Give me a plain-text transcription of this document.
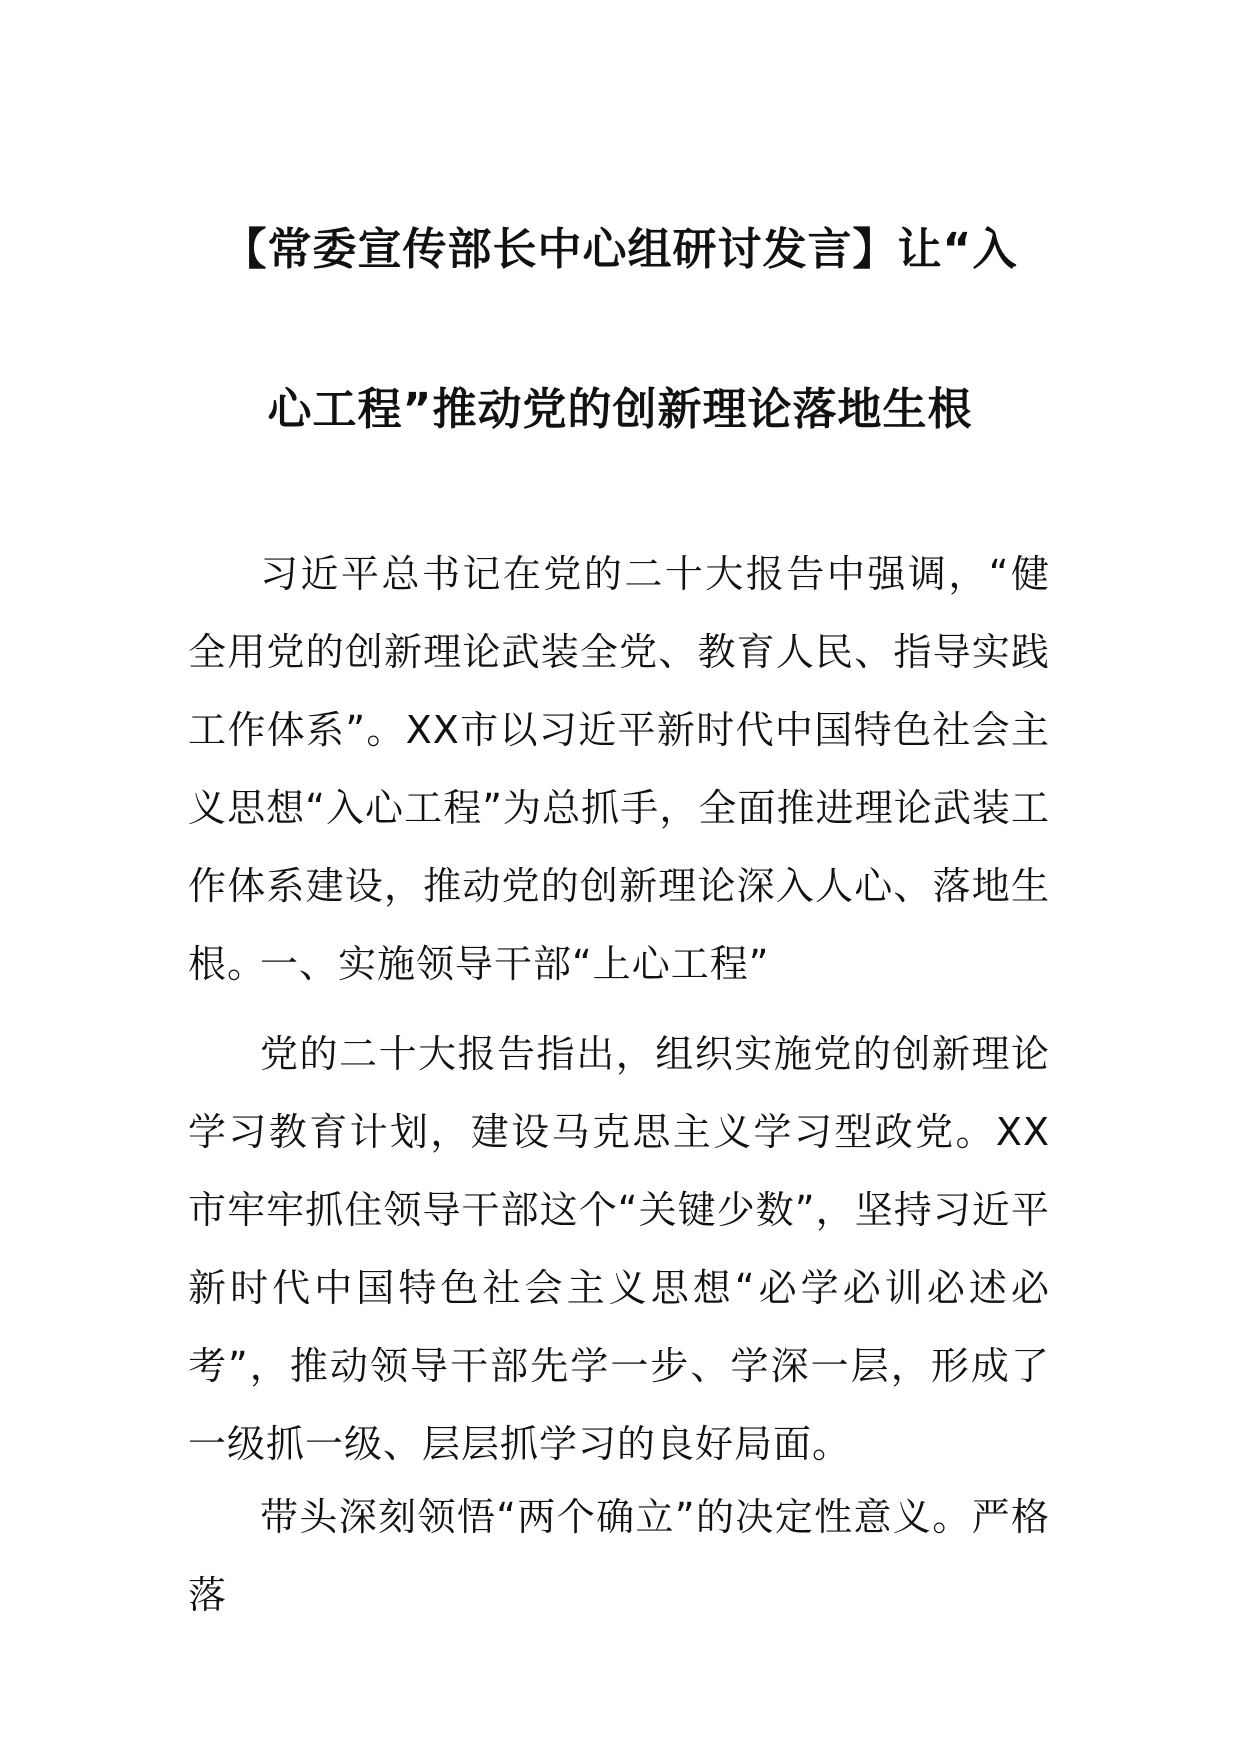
【常委宣传部长中心组研讨发言】让“入
心工程”推动党的创新理论落地生根

习近平总书记在党的二十大报告中强调，“健全用党的创新理论武装全党、教育人民、指导实践工作体系”。XX市以习近平新时代中国特色社会主义思想“入心工程”为总抓手，全面推进理论武装工作体系建设，推动党的创新理论深入人心、落地生根。

一、实施领导干部“上心工程”

党的二十大报告指出，组织实施党的创新理论学习教育计划，建设马克思主义学习型政党。XX市牢牢抓住领导干部这个“关键少数”，坚持习近平新时代中国特色社会主义思想“必学必训必述必考”，推动领导干部先学一步、学深一层，形成了一级抓一级、层层抓学习的良好局面。

带头深刻领悟“两个确立”的决定性意义。严格落
